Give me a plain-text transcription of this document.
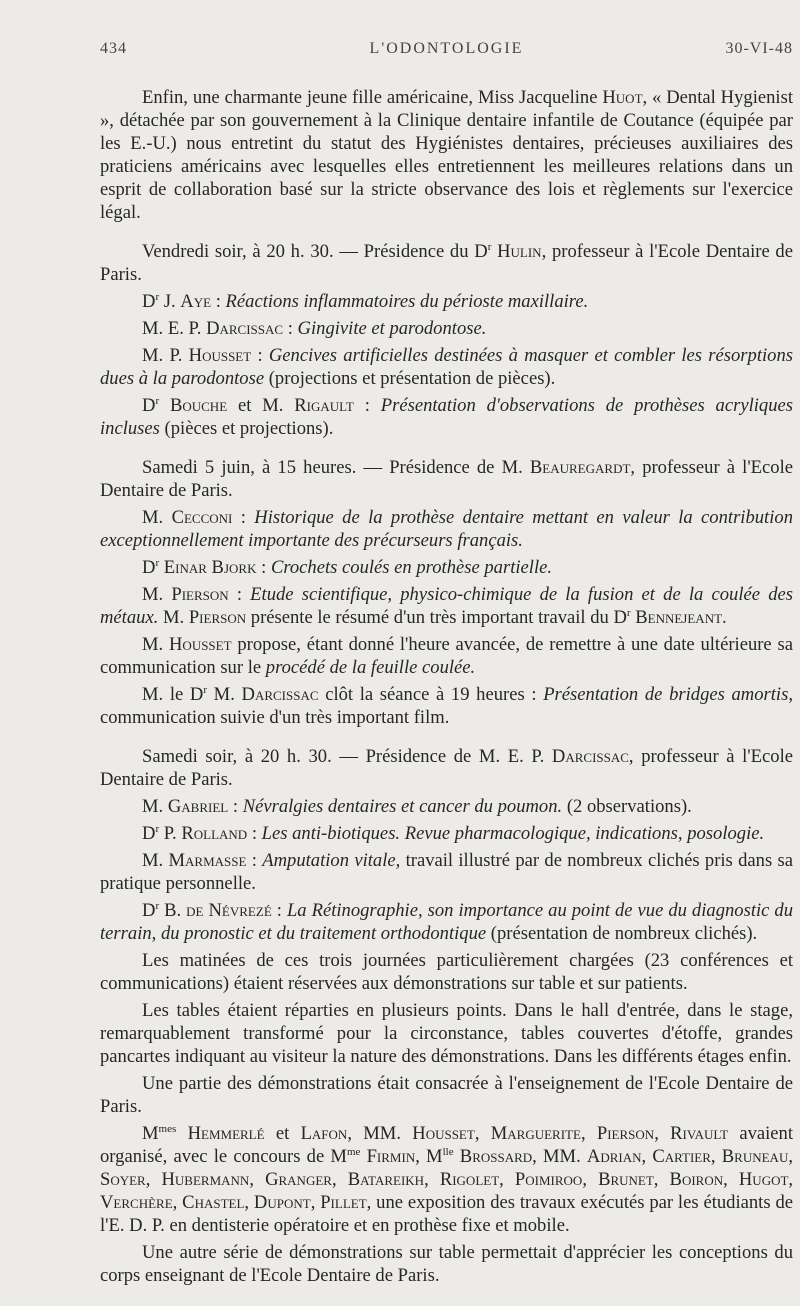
434	L'ODONTOLOGIE	30-VI-48

Enfin, une charmante jeune fille américaine, Miss Jacqueline Huot, « Dental Hygienist », détachée par son gouvernement à la Clinique dentaire infantile de Coutance (équipée par les E.-U.) nous entretint du statut des Hygiénistes dentaires, précieuses auxiliaires des praticiens américains avec lesquelles elles entretiennent les meilleures relations dans un esprit de collaboration basé sur la stricte observance des lois et règlements sur l'exercice légal.

Vendredi soir, à 20 h. 30. — Présidence du $D^r$ Hulin, professeur à l'Ecole Dentaire de Paris.

$D^r$ J. Aye : Réactions inflammatoires du périoste maxillaire.

M. E. P. Darcissac : Gingivite et parodontose.

M. P. Housset : Gencives artificielles destinées à masquer et combler les résorptions dues à la parodontose (projections et présentation de pièces).

$D^r$ Bouche et M. Rigault : Présentation d'observations de prothèses acryliques incluses (pièces et projections).

Samedi 5 juin, à 15 heures. — Présidence de M. Beauregardt, professeur à l'Ecole Dentaire de Paris.

M. Cecconi : Historique de la prothèse dentaire mettant en valeur la contribution exceptionnellement importante des précurseurs français.

$D^r$ Einar Bjork : Crochets coulés en prothèse partielle.

M. Pierson : Etude scientifique, physico-chimique de la fusion et de la coulée des métaux. M. Pierson présente le résumé d'un très important travail du $D^r$ Bennejeant.

M. Housset propose, étant donné l'heure avancée, de remettre à une date ultérieure sa communication sur le procédé de la feuille coulée.

M. le $D^r$ M. Darcissac clôt la séance à 19 heures : Présentation de bridges amortis, communication suivie d'un très important film.

Samedi soir, à 20 h. 30. — Présidence de M. E. P. Darcissac, professeur à l'Ecole Dentaire de Paris.

M. Gabriel : Névralgies dentaires et cancer du poumon. (2 observations).

$D^r$ P. Rolland : Les anti-biotiques. Revue pharmacologique, indications, posologie.

M. Marmasse : Amputation vitale, travail illustré par de nombreux clichés pris dans sa pratique personnelle.

$D^r$ B. de Névrezé : La Rétinographie, son importance au point de vue du diagnostic du terrain, du pronostic et du traitement orthodontique (présentation de nombreux clichés).

Les matinées de ces trois journées particulièrement chargées (23 conférences et communications) étaient réservées aux démonstrations sur table et sur patients.

Les tables étaient réparties en plusieurs points. Dans le hall d'entrée, dans le stage, remarquablement transformé pour la circonstance, tables couvertes d'étoffe, grandes pancartes indiquant au visiteur la nature des démonstrations. Dans les différents étages enfin.

Une partie des démonstrations était consacrée à l'enseignement de l'Ecole Dentaire de Paris.

$M^{mes}$ Hemmerlé et Lafon, MM. Housset, Marguerite, Pierson, Rivault avaient organisé, avec le concours de $M^{me}$ Firmin, $M^{lle}$ Brossard, MM. Adrian, Cartier, Bruneau, Soyer, Hubermann, Granger, Batareikh, Rigolet, Poimiroo, Brunet, Boiron, Hugot, Verchère, Chastel, Dupont, Pillet, une exposition des travaux exécutés par les étudiants de l'E. D. P. en dentisterie opératoire et en prothèse fixe et mobile.

Une autre série de démonstrations sur table permettait d'apprécier les conceptions du corps enseignant de l'Ecole Dentaire de Paris.
